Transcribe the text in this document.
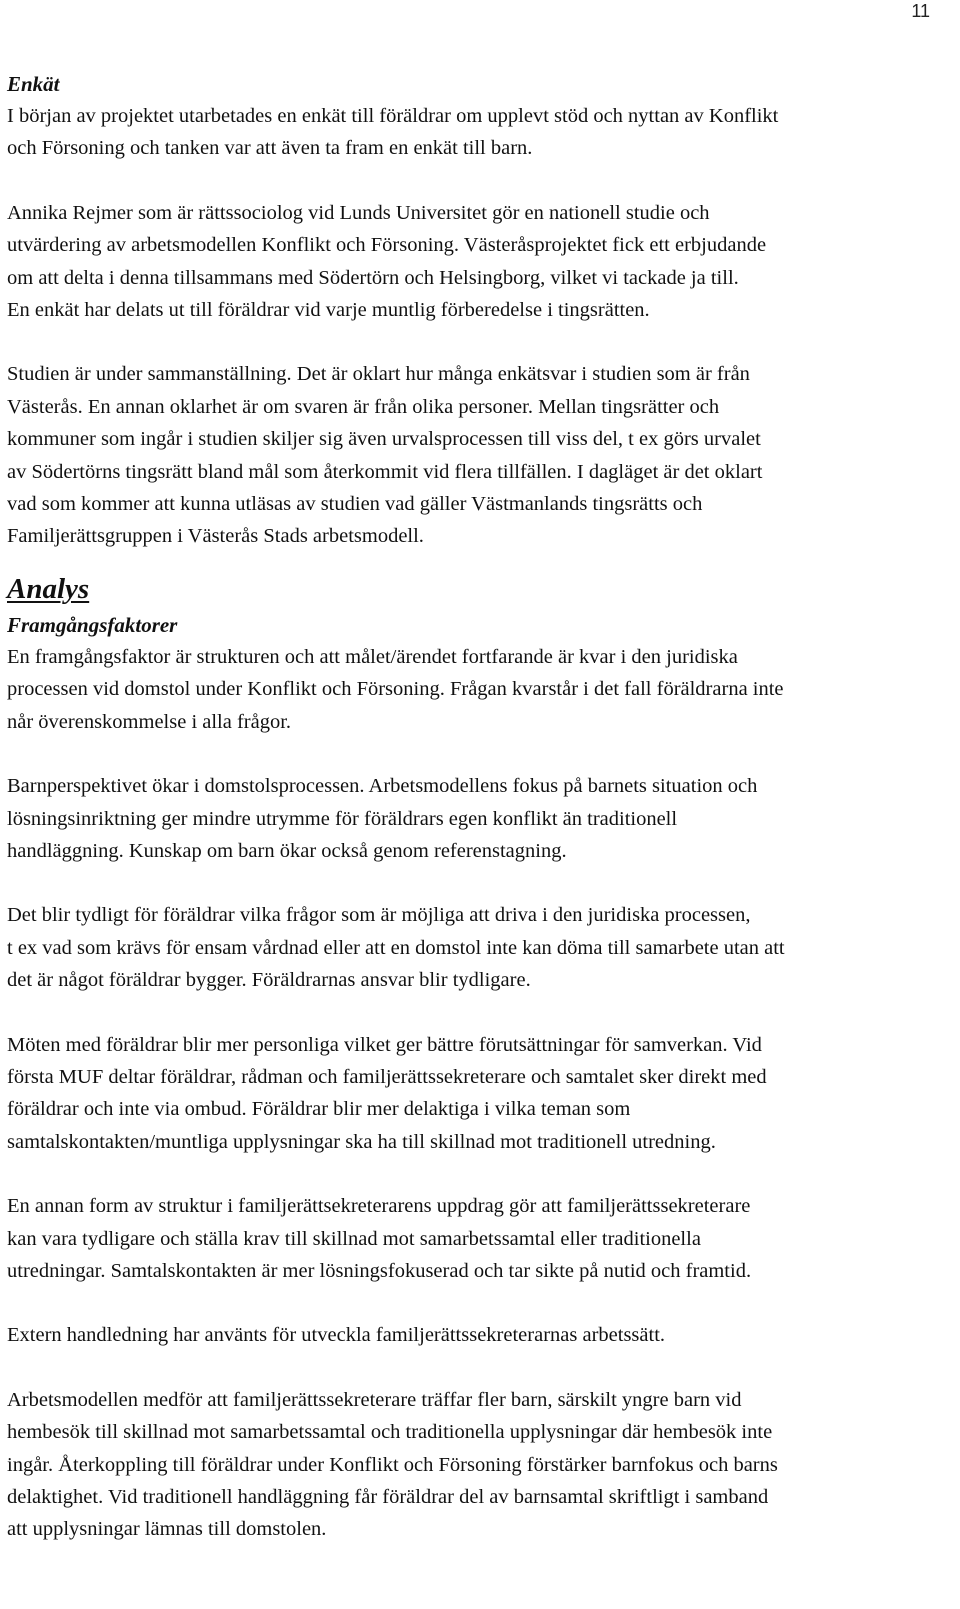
11
Enkät
I början av projektet utarbetades en enkät till föräldrar om upplevt stöd och nyttan av Konflikt
och Försoning och tanken var att även ta fram en enkät till barn.
Annika Rejmer som är rättssociolog vid Lunds Universitet gör en nationell studie och
utvärdering av arbetsmodellen Konflikt och Försoning. Västeråsprojektet fick ett erbjudande
om att delta i denna tillsammans med Södertörn och Helsingborg, vilket vi tackade ja till.
En enkät har delats ut till föräldrar vid varje muntlig förberedelse i tingsrätten.
Studien är under sammanställning. Det är oklart hur många enkätsvar i studien som är från
Västerås. En annan oklarhet är om svaren är från olika personer. Mellan tingsrätter och
kommuner som ingår i studien skiljer sig även urvalsprocessen till viss del, t ex görs urvalet
av Södertörns tingsrätt bland mål som återkommit vid flera tillfällen. I dagläget är det oklart
vad som kommer att kunna utläsas av studien vad gäller Västmanlands tingsrätts och
Familjerättsgruppen i Västerås Stads arbetsmodell.
Analys
Framgångsfaktorer
En framgångsfaktor är strukturen och att målet/ärendet fortfarande är kvar i den juridiska
processen vid domstol under Konflikt och Försoning. Frågan kvarstår i det fall föräldrarna inte
når överenskommelse i alla frågor.
Barnperspektivet ökar i domstolsprocessen. Arbetsmodellens fokus på barnets situation och
lösningsinriktning ger mindre utrymme för föräldrars egen konflikt än traditionell
handläggning. Kunskap om barn ökar också genom referenstagning.
Det blir tydligt för föräldrar vilka frågor som är möjliga att driva i den juridiska processen,
t ex vad som krävs för ensam vårdnad eller att en domstol inte kan döma till samarbete utan att
det är något föräldrar bygger. Föräldrarnas ansvar blir tydligare.
Möten med föräldrar blir mer personliga vilket ger bättre förutsättningar för samverkan. Vid
första MUF deltar föräldrar, rådman och familjerättssekreterare och samtalet sker direkt med
föräldrar och inte via ombud. Föräldrar blir mer delaktiga i vilka teman som
samtalskontakten/muntliga upplysningar ska ha till skillnad mot traditionell utredning.
En annan form av struktur i familjerättsekreterarens uppdrag gör att familjerättssekreterare
kan vara tydligare och ställa krav till skillnad mot samarbetssamtal eller traditionella
utredningar. Samtalskontakten är mer lösningsfokuserad och tar sikte på nutid och framtid.
Extern handledning har använts för utveckla familjerättssekreterarnas arbetssätt.
Arbetsmodellen medför att familjerättssekreterare träffar fler barn, särskilt yngre barn vid
hembesök till skillnad mot samarbetssamtal och traditionella upplysningar där hembesök inte
ingår. Återkoppling till föräldrar under Konflikt och Försoning förstärker barnfokus och barns
delaktighet. Vid traditionell handläggning får föräldrar del av barnsamtal skriftligt i samband
att upplysningar lämnas till domstolen.
